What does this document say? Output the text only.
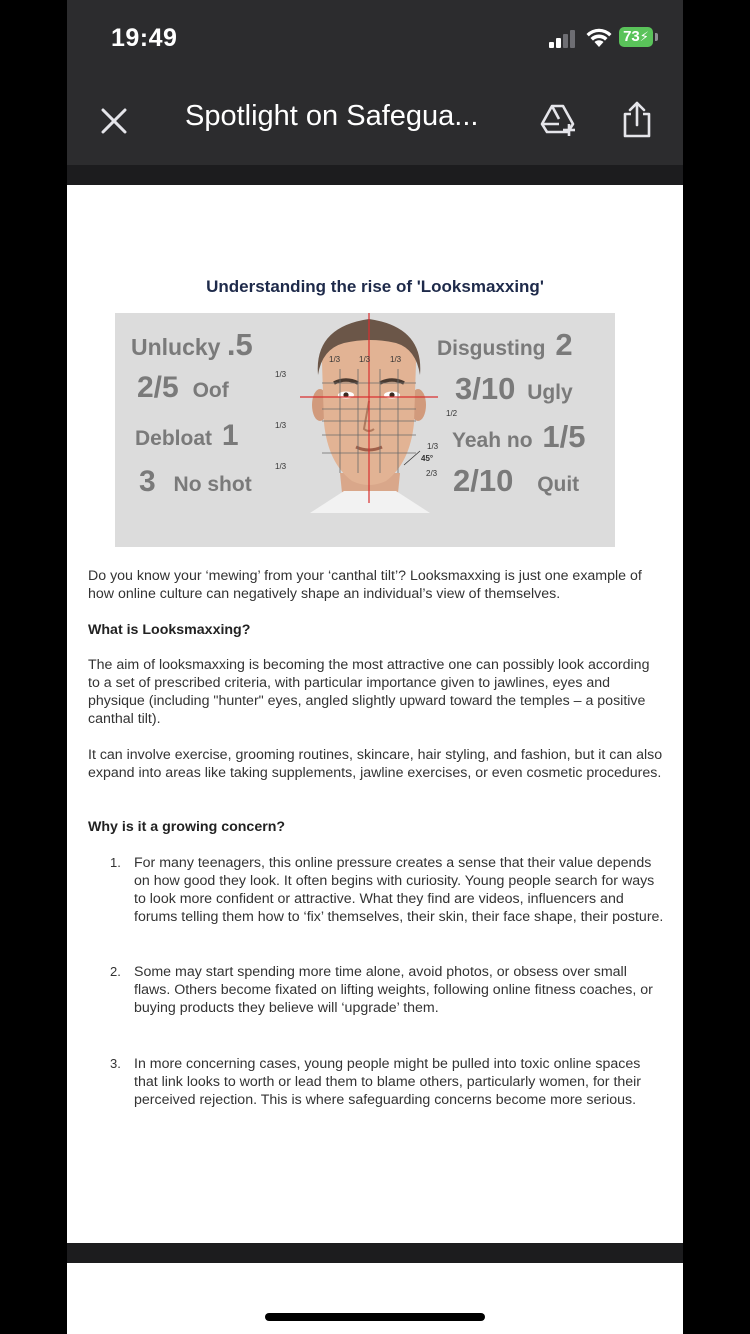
19:49	73⚡
Spotlight on Safegua...
Understanding the rise of 'Looksmaxxing'
Unlucky .5
2/5 Oof
Debloat 1
3 No shot
Disgusting 2
3/10 Ugly
Yeah no 1/5
2/10 Quit
1/3 1/3 1/3
1/3
1/3
1/3
1/2
1/3
45°
2/3
Do you know your ‘mewing’ from your ‘canthal tilt’? Looksmaxxing is just one example of how online culture can negatively shape an individual’s view of themselves.
What is Looksmaxxing?
The aim of looksmaxxing is becoming the most attractive one can possibly look according to a set of prescribed criteria, with particular importance given to jawlines, eyes and physique (including "hunter" eyes, angled slightly upward toward the temples – a positive canthal tilt).
It can involve exercise, grooming routines, skincare, hair styling, and fashion, but it can also expand into areas like taking supplements, jawline exercises, or even cosmetic procedures.
Why is it a growing concern?
1. For many teenagers, this online pressure creates a sense that their value depends on how good they look. It often begins with curiosity. Young people search for ways to look more confident or attractive. What they find are videos, influencers and forums telling them how to ‘fix’ themselves, their skin, their face shape, their posture.
2. Some may start spending more time alone, avoid photos, or obsess over small flaws. Others become fixated on lifting weights, following online fitness coaches, or buying products they believe will ‘upgrade’ them.
3. In more concerning cases, young people might be pulled into toxic online spaces that link looks to worth or lead them to blame others, particularly women, for their perceived rejection. This is where safeguarding concerns become more serious.
